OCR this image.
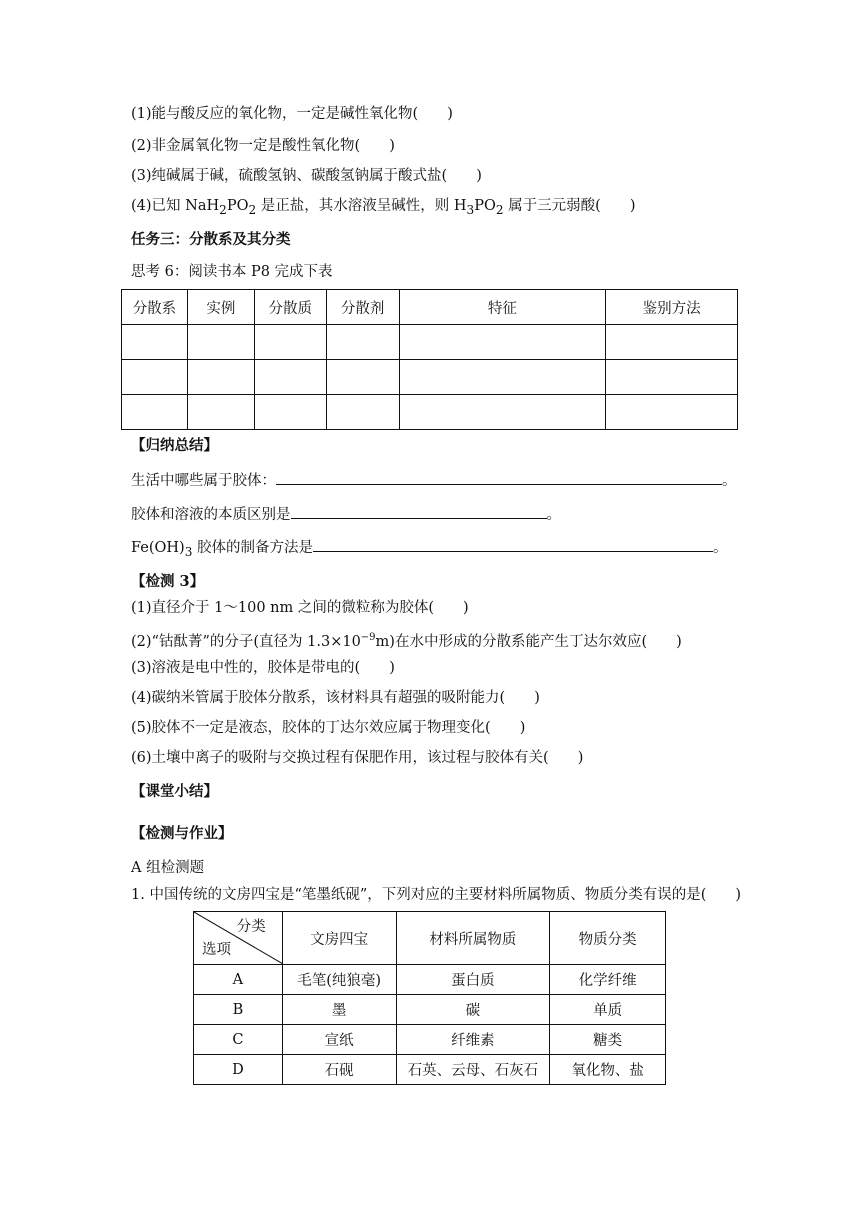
(1)能与酸反应的氧化物，一定是碱性氧化物(　　)
(2)非金属氧化物一定是酸性氧化物(　　)
(3)纯碱属于碱，硫酸氢钠、碳酸氢钠属于酸式盐(　　)
(4)已知 $NaH_2PO_2$ 是正盐，其水溶液呈碱性，则 $H_3PO_2$ 属于三元弱酸(　　)
任务三：分散系及其分类
思考 6：阅读书本 P8 完成下表
分散系	实例	分散质	分散剂	特征	鉴别方法

【归纳总结】
生活中哪些属于胶体：	。
胶体和溶液的本质区别是	。
$Fe(OH)_3$ 胶体的制备方法是	。
【检测 3】
(1)直径介于 1～100 nm 之间的微粒称为胶体(　　)
(2)“钴酞菁”的分子(直径为 $1.3\times 10^{-9}m$)在水中形成的分散系能产生丁达尔效应(　　)
(3)溶液是电中性的，胶体是带电的(　　)
(4)碳纳米管属于胶体分散系，该材料具有超强的吸附能力(　　)
(5)胶体不一定是液态，胶体的丁达尔效应属于物理变化(　　)
(6)土壤中离子的吸附与交换过程有保肥作用，该过程与胶体有关(　　)
【课堂小结】
【检测与作业】
A 组检测题
1. 中国传统的文房四宝是“笔墨纸砚”，下列对应的主要材料所属物质、物质分类有误的是(　　)
分类
选项	文房四宝	材料所属物质	物质分类
A	毛笔(纯狼毫)	蛋白质	化学纤维
B	墨	碳	单质
C	宣纸	纤维素	糖类
D	石砚	石英、云母、石灰石	氧化物、盐
